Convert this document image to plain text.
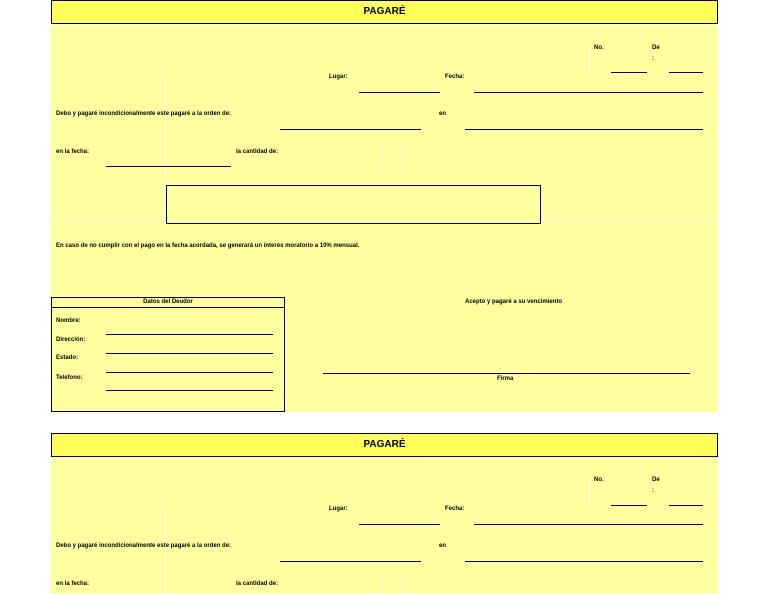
PAGARÉ
No.	De
:
Lugar:	Fecha:
Debo y pagaré incondicionalmente este pagaré a la orden de:	en
en la fecha:	la cantidad de:
En caso de no cumplir con el pago en la fecha acordada, se generará un interés moratorio a 10% mensual.
Datos del Deudor
Nombre:
Dirección:
Estado:
Telefono:
Acepto y pagaré a su vencimiento
Firma
PAGARÉ
No.	De
:
Lugar:	Fecha:
Debo y pagaré incondicionalmente este pagaré a la orden de:	en
en la fecha:	la cantidad de:
